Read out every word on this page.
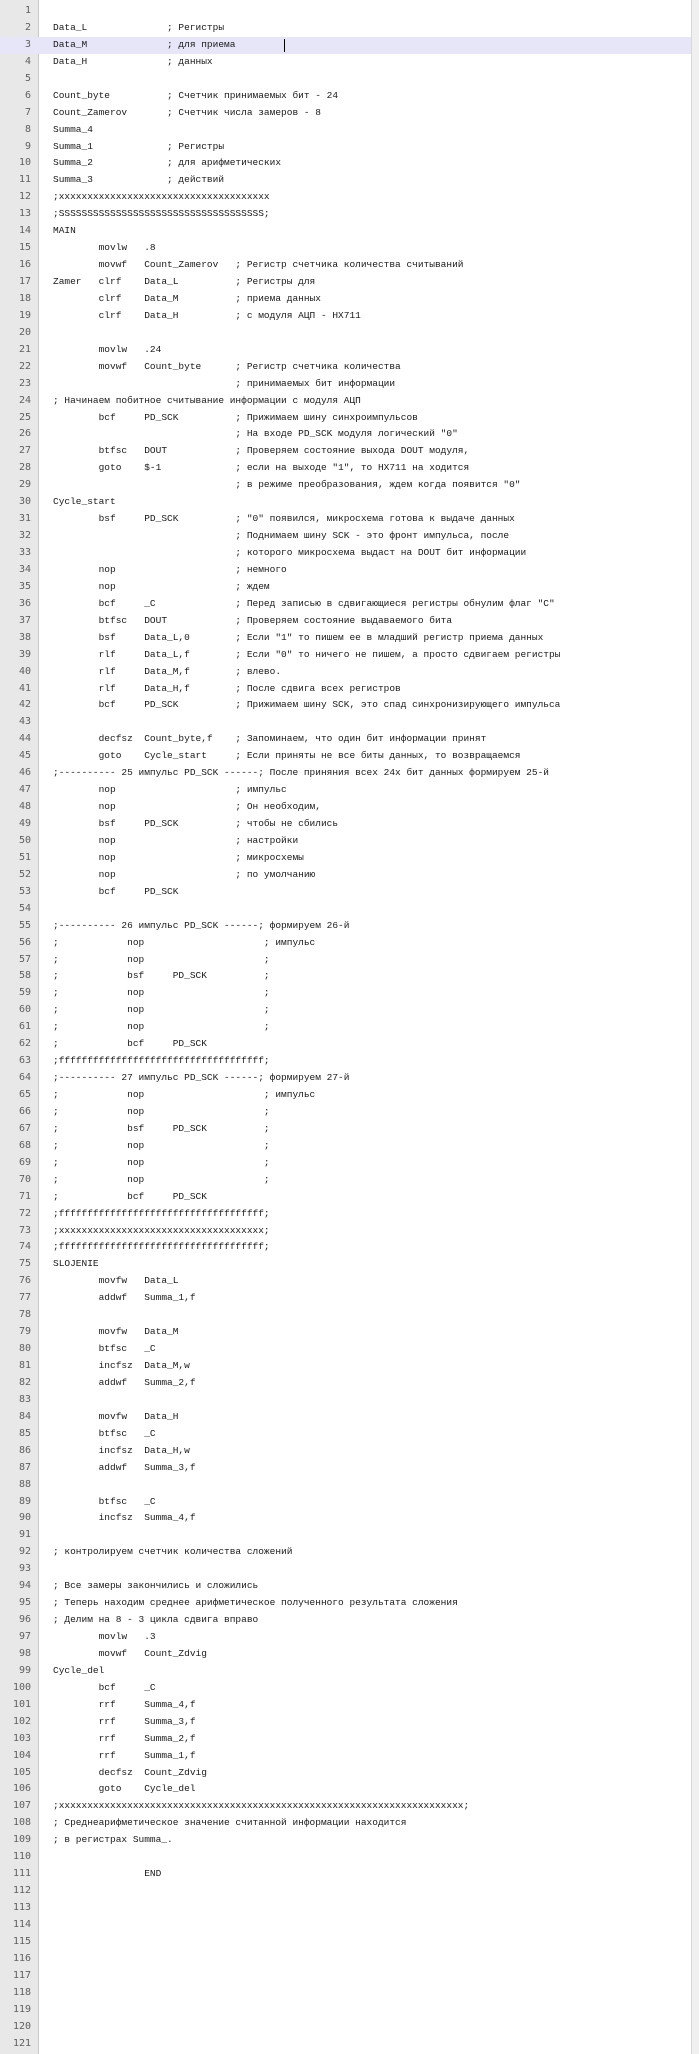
1
2 Data_L              ; Регистры
3 Data_M              ; для приема
4 Data_H              ; данных
5
6 Count_byte          ; Счетчик принимаемых бит - 24
7 Count_Zamerov       ; Счетчик числа замеров - 8
8 Summa_4
9 Summa_1             ; Регистры
10 Summa_2             ; для арифметических
11 Summa_3             ; действий
12 ;xxxxxxxxxxxxxxxxxxxxxxxxxxxxxxxxxxxxx
13 ;SSSSSSSSSSSSSSSSSSSSSSSSSSSSSSSSSSSS;
14 MAIN
15 movlw   .8
16 movwf   Count_Zamerov   ; Регистр счетчика количества считываний
17 Zamer   clrf    Data_L          ; Регистры для
18 clrf    Data_M          ; приема данных
19 clrf    Data_H          ; с модуля АЦП - HX711
20
21 movlw   .24
22 movwf   Count_byte      ; Регистр счетчика количества
23 ; принимаемых бит информации
24 ; Начинаем побитное считывание информации с модуля АЦП
25 bcf     PD_SCK          ; Прижимаем шину синхроимпульсов
26 ; На входе PD_SCK модуля логический "0"
27 btfsc   DOUT            ; Проверяем состояние выхода DOUT модуля,
28 goto    $-1             ; если на выходе "1", то HX711 на ходится
29 ; в режиме преобразования, ждем когда появится "0"
30 Cycle_start
31 bsf     PD_SCK          ; "0" появился, микросхема готова к выдаче данных
32 ; Поднимаем шину SCK - это фронт импульса, после
33 ; которого микросхема выдаст на DOUT бит информации
34 nop                     ; немного
35 nop                     ; ждем
36 bcf     _C              ; Перед записью в сдвигающиеся регистры обнулим флаг "C"
37 btfsc   DOUT            ; Проверяем состояние выдаваемого бита
38 bsf     Data_L,0        ; Если "1" то пишем ее в младший регистр приема данных
39 rlf     Data_L,f        ; Если "0" то ничего не пишем, а просто сдвигаем регистры
40 rlf     Data_M,f        ; влево.
41 rlf     Data_H,f        ; После сдвига всех регистров
42 bcf     PD_SCK          ; Прижимаем шину SCK, это спад синхронизирующего импульса
43
44 decfsz  Count_byte,f    ; Запоминаем, что один бит информации принят
45 goto    Cycle_start     ; Если приняты не все биты данных, то возвращаемся
46 ;---------- 25 импульс PD_SCK ------; После приняния всех 24х бит данных формируем 25-й
47 nop                     ; импульс
48 nop                     ; Он необходим,
49 bsf     PD_SCK          ; чтобы не сбились
50 nop                     ; настройки
51 nop                     ; микросхемы
52 nop                     ; по умолчанию
53 bcf     PD_SCK
54
55 ;---------- 26 импульс PD_SCK ------; формируем 26-й
56 ;            nop                     ; импульс
57 ;            nop                     ;
58 ;            bsf     PD_SCK          ;
59 ;            nop                     ;
60 ;            nop                     ;
61 ;            nop                     ;
62 ;            bcf     PD_SCK
63 ;ffffffffffffffffffffffffffffffffffff;
64 ;---------- 27 импульс PD_SCK ------; формируем 27-й
65 ;            nop                     ; импульс
66 ;            nop                     ;
67 ;            bsf     PD_SCK          ;
68 ;            nop                     ;
69 ;            nop                     ;
70 ;            nop                     ;
71 ;            bcf     PD_SCK
72 ;ffffffffffffffffffffffffffffffffffff;
73 ;xxxxxxxxxxxxxxxxxxxxxxxxxxxxxxxxxxxx;
74 ;ffffffffffffffffffffffffffffffffffff;
75 SLOJENIE
76 movfw   Data_L
77 addwf   Summa_1,f
78
79 movfw   Data_M
80 btfsc   _C
81 incfsz  Data_M,w
82 addwf   Summa_2,f
83
84 movfw   Data_H
85 btfsc   _C
86 incfsz  Data_H,w
87 addwf   Summa_3,f
88
89 btfsc   _C
90 incfsz  Summa_4,f
91
92 ; контролируем счетчик количества сложений
93
94 ; Все замеры закончились и сложились
95 ; Теперь находим среднее арифметическое полученного результата сложения
96 ; Делим на 8 - 3 цикла сдвига вправо
97 movlw   .3
98 movwf   Count_Zdvig
99 Cycle_del
100 bcf     _C
101 rrf     Summa_4,f
102 rrf     Summa_3,f
103 rrf     Summa_2,f
104 rrf     Summa_1,f
105 decfsz  Count_Zdvig
106 goto    Cycle_del
107 ;xxxxxxxxxxxxxxxxxxxxxxxxxxxxxxxxxxxxxxxxxxxxxxxxxxxxxxxxxxxxxxxxxxxxxxx;
108 ; Среднеарифметическое значение считанной информации находится
109 ; в регистрах Summa_.
110
111 END
112
113
114
115
116
117
118
119
120
121
